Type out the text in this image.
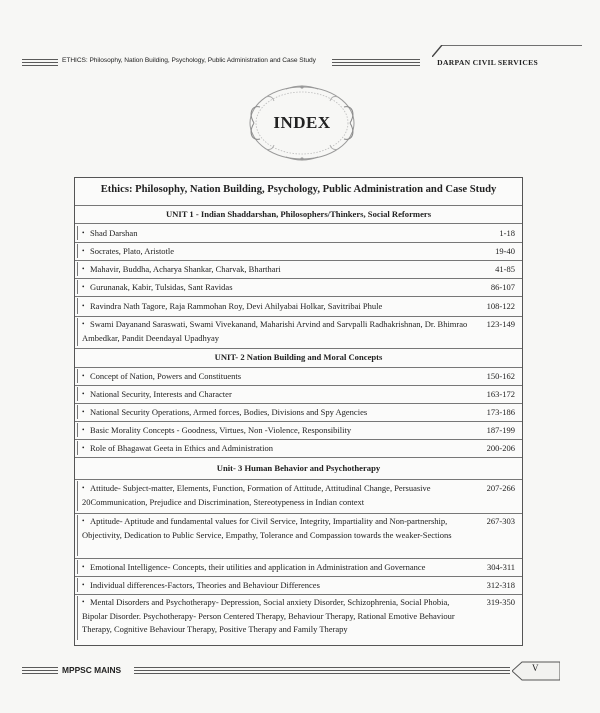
ETHICS: Philosophy, Nation Building, Psychology, Public Administration and Case Study	DARPAN CIVIL SERVICES
INDEX
Ethics: Philosophy, Nation Building, Psychology, Public Administration and Case Study
UNIT 1 - Indian Shaddarshan, Philosophers/Thinkers, Social Reformers
• Shad Darshan	1-18
• Socrates, Plato, Aristotle	19-40
• Mahavir, Buddha, Acharya Shankar, Charvak, Bharthari	41-85
• Gurunanak, Kabir, Tulsidas, Sant Ravidas	86-107
• Ravindra Nath Tagore, Raja Rammohan Roy, Devi Ahilyabai Holkar, Savitribai Phule	108-122
• Swami Dayanand Saraswati, Swami Vivekanand, Maharishi Arvind and Sarvpalli Radhakrishnan, Dr. Bhimrao Ambedkar, Pandit Deendayal Upadhyay
123-149
UNIT- 2 Nation Building and Moral Concepts
• Concept of Nation, Powers and Constituents	150-162
• National Security, Interests and Character	163-172
• National Security Operations, Armed forces, Bodies, Divisions and Spy Agencies	173-186
• Basic Morality Concepts - Goodness, Virtues, Non -Violence, Responsibility	187-199
• Role of Bhagawat Geeta in Ethics and Administration	200-206
Unit- 3 Human Behavior and Psychotherapy
• Attitude- Subject-matter, Elements, Function, Formation of Attitude, Attitudinal Change, Persuasive 20Communication, Prejudice and Discrimination, Stereotypeness in Indian context
207-266
• Aptitude- Aptitude and fundamental values for Civil Service, Integrity, Impartiality and Non-partnership, Objectivity, Dedication to Public Service, Empathy, Tolerance and Compassion towards the weaker-Sections
267-303
• Emotional Intelligence- Concepts, their utilities and application in Administration and Governance	304-311
• Individual differences-Factors, Theories and Behaviour Differences	312-318
• Mental Disorders and Psychotherapy- Depression, Social anxiety Disorder, Schizophrenia, Social Phobia, Bipolar Disorder. Psychotherapy- Person Centered Therapy, Behaviour Therapy, Rational Emotive Behaviour Therapy, Cognitive Behaviour Therapy, Positive Therapy and Family Therapy
319-350
MPPSC MAINS	V
